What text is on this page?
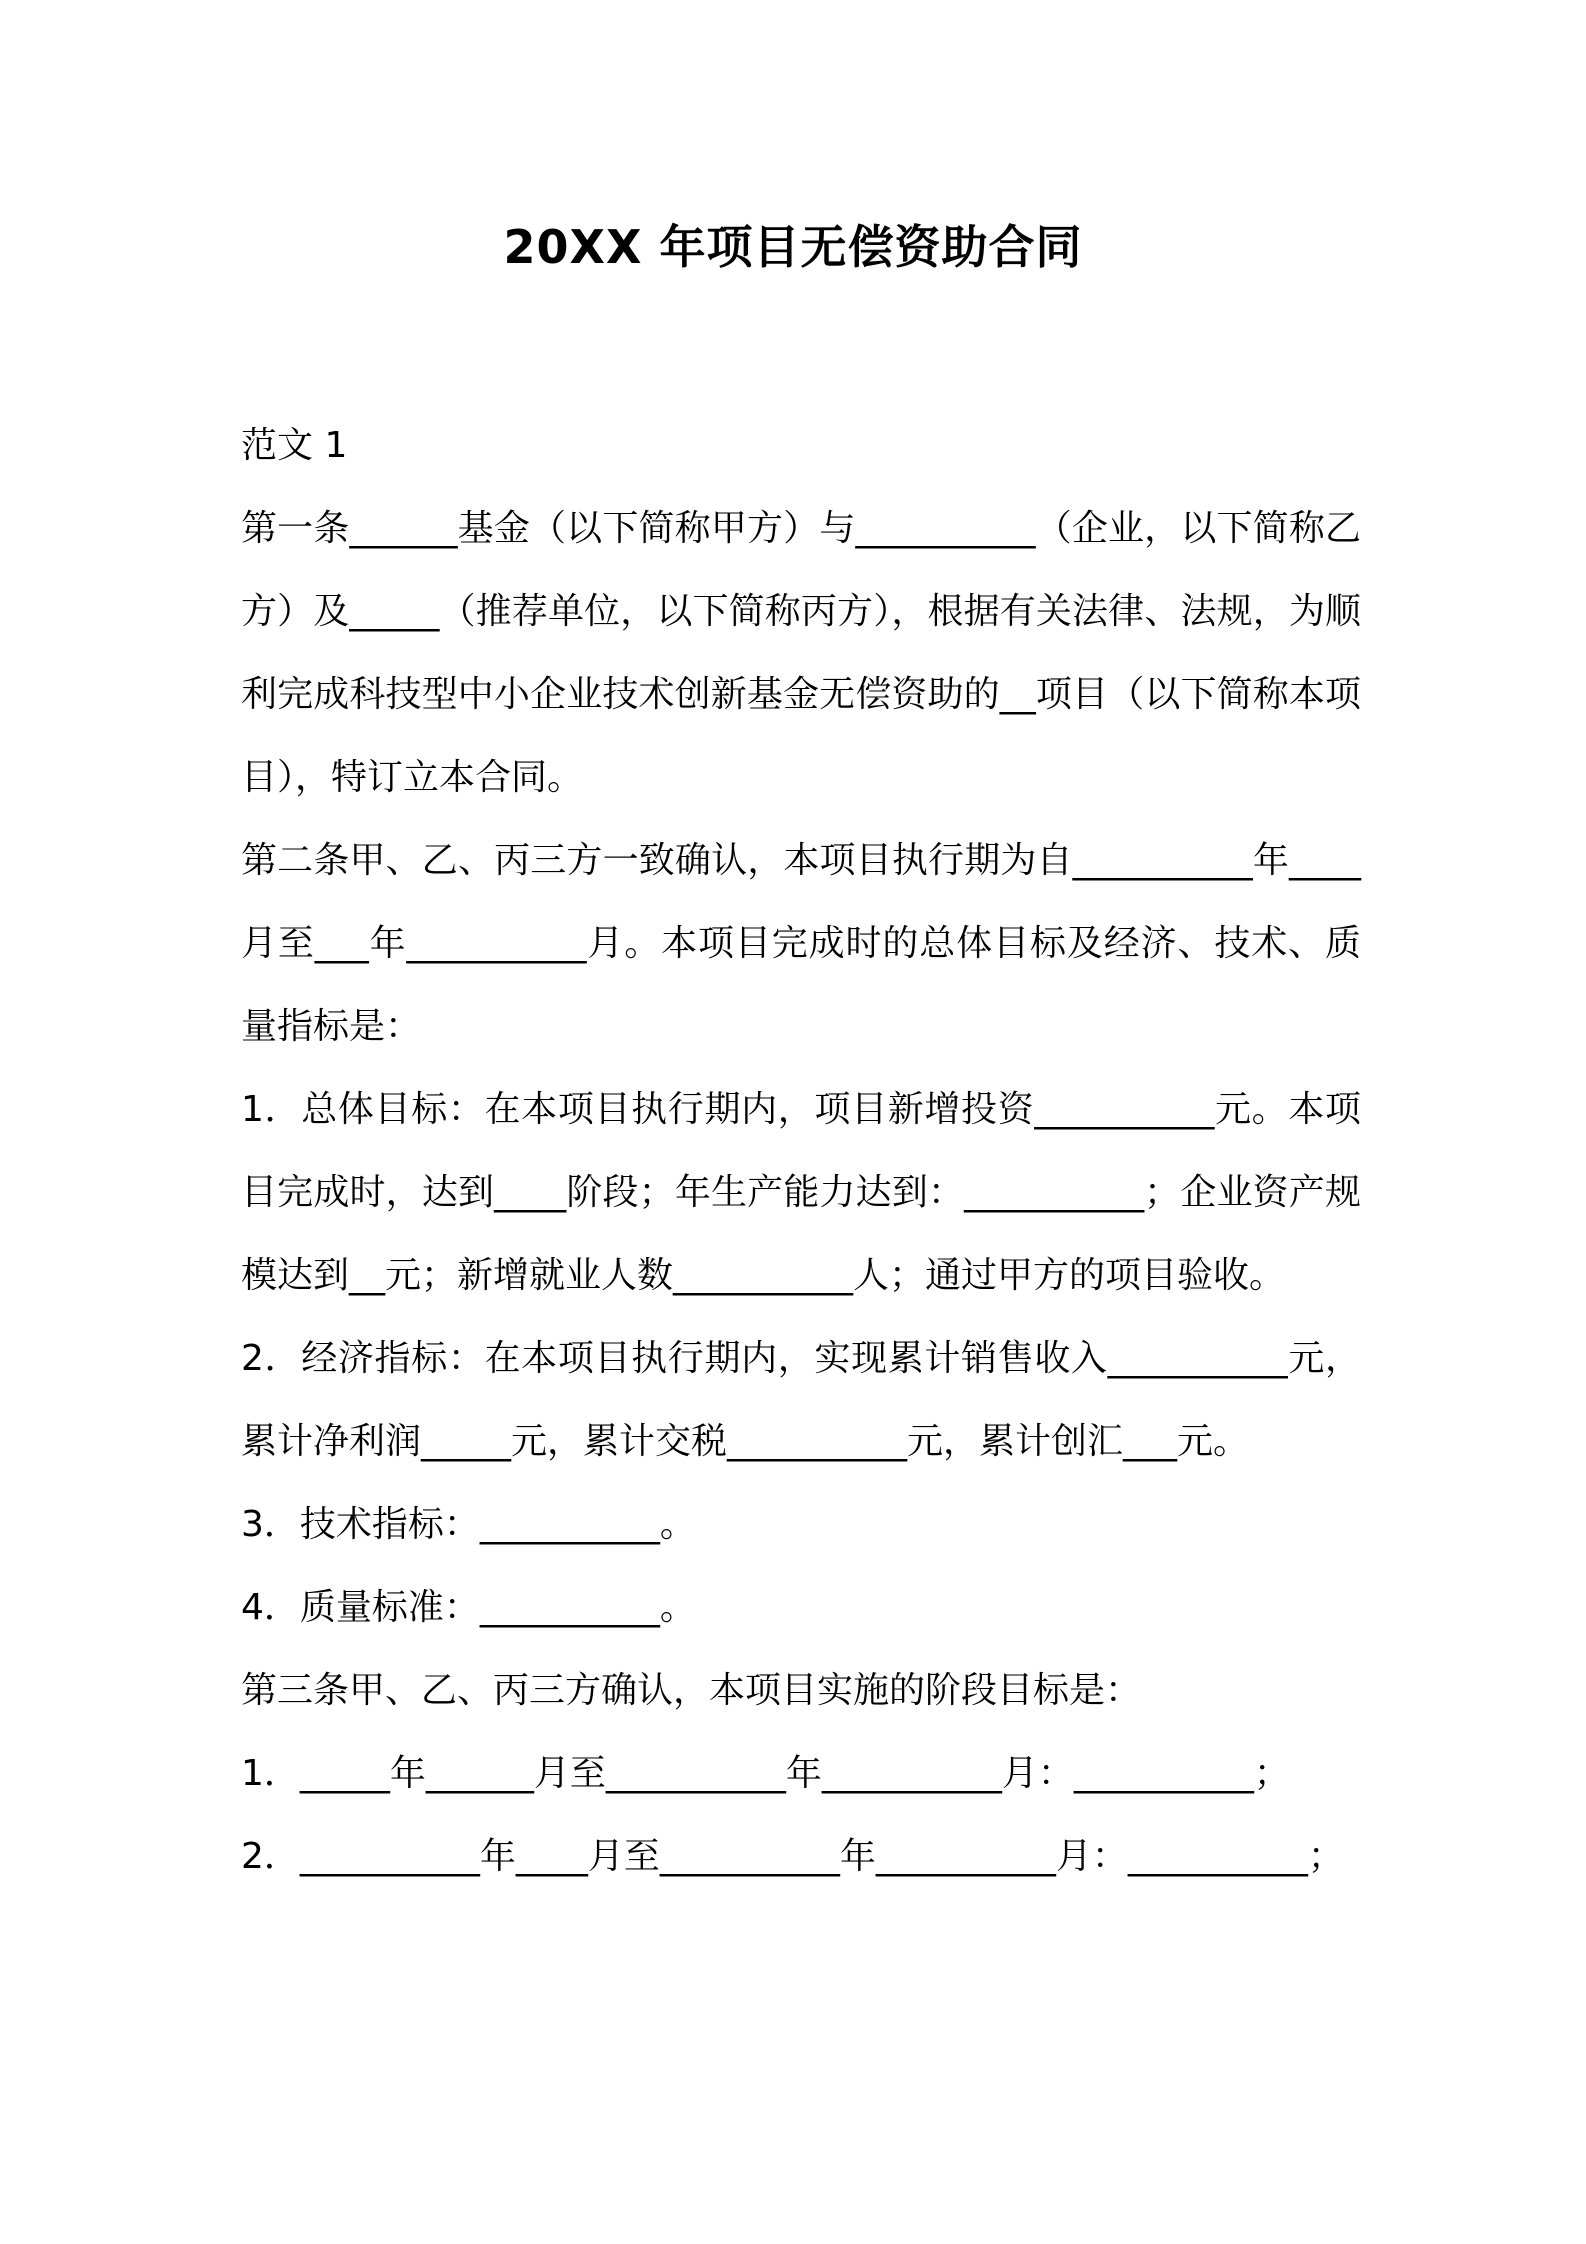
20XX 年项目无偿资助合同

范文 1

第一条______基金（以下简称甲方）与__________（企业，以下简称乙方）及_____（推荐单位，以下简称丙方），根据有关法律、法规，为顺利完成科技型中小企业技术创新基金无偿资助的__项目（以下简称本项目），特订立本合同。

第二条甲、乙、丙三方一致确认，本项目执行期为自__________年____月至___年__________月。本项目完成时的总体目标及经济、技术、质量指标是：

1．总体目标：在本项目执行期内，项目新增投资__________元。本项目完成时，达到____阶段；年生产能力达到：__________；企业资产规模达到__元；新增就业人数__________人；通过甲方的项目验收。

2．经济指标：在本项目执行期内，实现累计销售收入__________元，累计净利润_____元，累计交税__________元，累计创汇___元。

3．技术指标：__________。

4．质量标准：__________。

第三条甲、乙、丙三方确认，本项目实施的阶段目标是：

1．_____年______月至__________年__________月：__________；

2．__________年____月至__________年__________月：__________；
